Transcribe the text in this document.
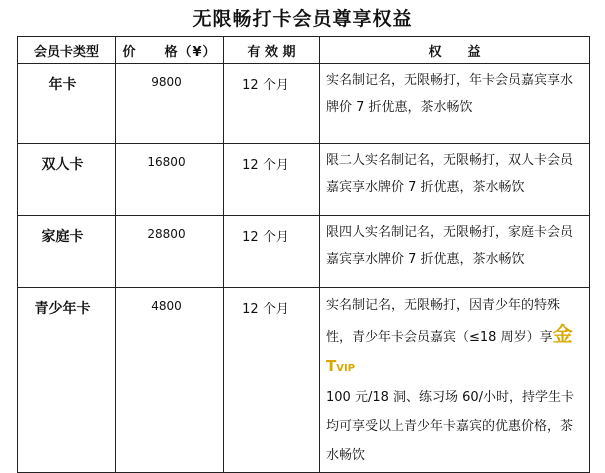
无限畅打卡会员尊享权益
会员卡类型	价　　格（¥）	有 效 期	权　　益
年卡	9800	12 个月	实名制记名，无限畅打，年卡会员嘉宾享水牌价 7 折优惠，茶水畅饮
双人卡	16800	12 个月	限二人实名制记名，无限畅打，双人卡会员嘉宾享水牌价 7 折优惠，茶水畅饮
家庭卡	28800	12 个月	限四人实名制记名，无限畅打，家庭卡会员嘉宾享水牌价 7 折优惠，茶水畅饮
青少年卡	4800	12 个月	实名制记名，无限畅打，因青少年的特殊性，青少年卡会员嘉宾（≤18 周岁）享金 TVIP
100 元/18 洞、练习场 60/小时，持学生卡均可享受以上青少年卡嘉宾的优惠价格，茶水畅饮
